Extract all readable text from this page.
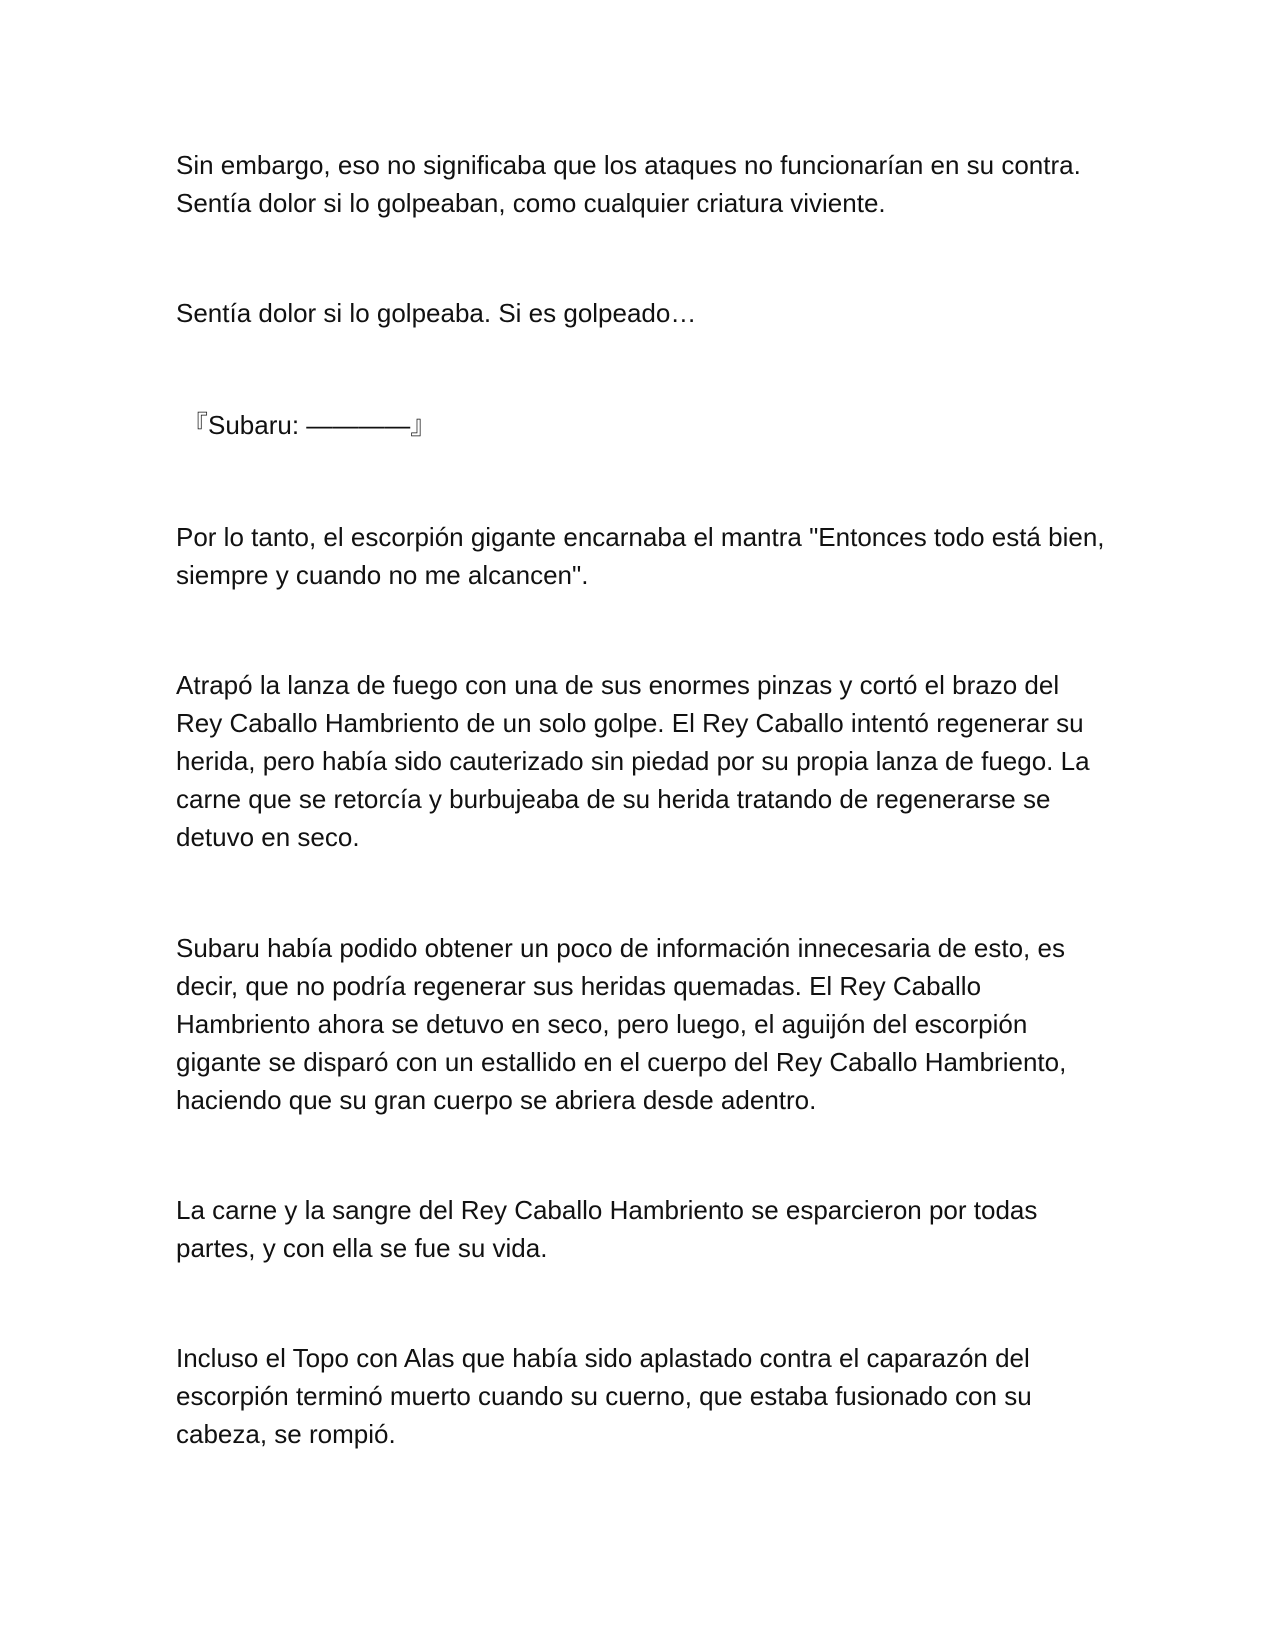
Sin embargo, eso no significaba que los ataques no funcionarían en su contra. Sentía dolor si lo golpeaban, como cualquier criatura viviente.

Sentía dolor si lo golpeaba. Si es golpeado…

『Subaru: ————』

Por lo tanto, el escorpión gigante encarnaba el mantra "Entonces todo está bien, siempre y cuando no me alcancen".

Atrapó la lanza de fuego con una de sus enormes pinzas y cortó el brazo del Rey Caballo Hambriento de un solo golpe. El Rey Caballo intentó regenerar su herida, pero había sido cauterizado sin piedad por su propia lanza de fuego. La carne que se retorcía y burbujeaba de su herida tratando de regenerarse se detuvo en seco.

Subaru había podido obtener un poco de información innecesaria de esto, es decir, que no podría regenerar sus heridas quemadas. El Rey Caballo Hambriento ahora se detuvo en seco, pero luego, el aguijón del escorpión gigante se disparó con un estallido en el cuerpo del Rey Caballo Hambriento, haciendo que su gran cuerpo se abriera desde adentro.

La carne y la sangre del Rey Caballo Hambriento se esparcieron por todas partes, y con ella se fue su vida.

Incluso el Topo con Alas que había sido aplastado contra el caparazón del escorpión terminó muerto cuando su cuerno, que estaba fusionado con su cabeza, se rompió.
